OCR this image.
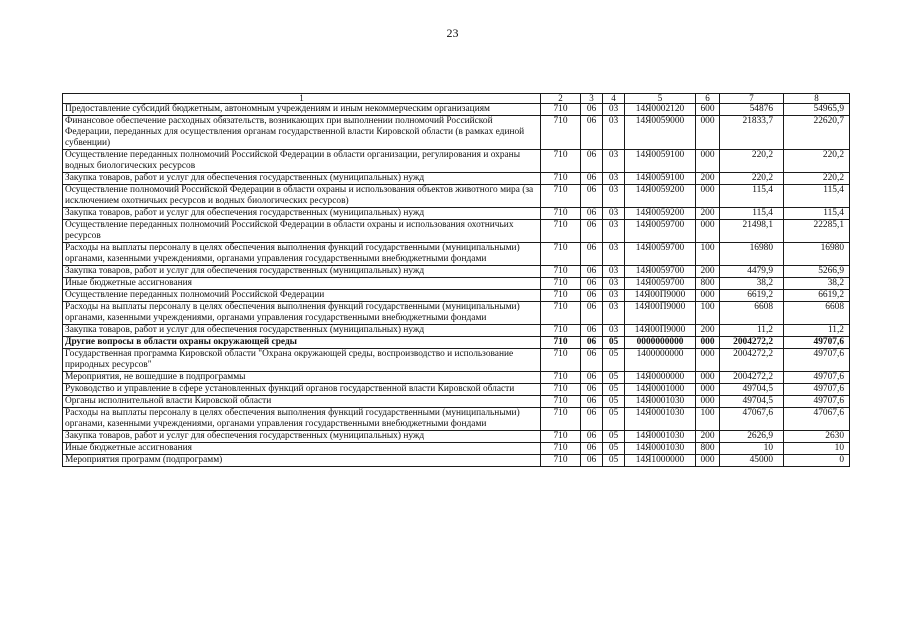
23
1	2	3	4	5	6	7	8
Предоставление субсидий бюджетным, автономным учреждениям и иным некоммерческим организациям	710	06	03	14Я0002120	600	54876	54965,9
Финансовое обеспечение расходных обязательств, возникающих при выполнении полномочий Российской Федерации, переданных для осуществления органам государственной власти Кировской области (в рамках единой субвенции)	710	06	03	14Я0059000	000	21833,7	22620,7
Осуществление переданных полномочий Российской Федерации в области организации, регулирования и охраны водных биологических ресурсов	710	06	03	14Я0059100	000	220,2	220,2
Закупка товаров, работ и услуг для обеспечения государственных (муниципальных) нужд	710	06	03	14Я0059100	200	220,2	220,2
Осуществление полномочий Российской Федерации в области охраны и использования объектов животного мира (за исключением охотничьих ресурсов и водных биологических ресурсов)	710	06	03	14Я0059200	000	115,4	115,4
Закупка товаров, работ и услуг для обеспечения государственных (муниципальных) нужд	710	06	03	14Я0059200	200	115,4	115,4
Осуществление переданных полномочий Российской Федерации в области охраны и использования охотничьих ресурсов	710	06	03	14Я0059700	000	21498,1	22285,1
Расходы на выплаты персоналу в целях обеспечения выполнения функций государственными (муниципальными) органами, казенными учреждениями, органами управления государственными внебюджетными фондами	710	06	03	14Я0059700	100	16980	16980
Закупка товаров, работ и услуг для обеспечения государственных (муниципальных) нужд	710	06	03	14Я0059700	200	4479,9	5266,9
Иные бюджетные ассигнования	710	06	03	14Я0059700	800	38,2	38,2
Осуществление переданных полномочий Российской Федерации	710	06	03	14Я00П9000	000	6619,2	6619,2
Расходы на выплаты персоналу в целях обеспечения выполнения функций государственными (муниципальными) органами, казенными учреждениями, органами управления государственными внебюджетными фондами	710	06	03	14Я00П9000	100	6608	6608
Закупка товаров, работ и услуг для обеспечения государственных (муниципальных) нужд	710	06	03	14Я00П9000	200	11,2	11,2
Другие вопросы в области охраны окружающей среды	710	06	05	0000000000	000	2004272,2	49707,6
Государственная программа Кировской области "Охрана окружающей среды, воспроизводство и использование природных ресурсов"	710	06	05	1400000000	000	2004272,2	49707,6
Мероприятия, не вошедшие в подпрограммы	710	06	05	14Я0000000	000	2004272,2	49707,6
Руководство и управление в сфере установленных функций органов государственной власти Кировской области	710	06	05	14Я0001000	000	49704,5	49707,6
Органы исполнительной власти Кировской области	710	06	05	14Я0001030	000	49704,5	49707,6
Расходы на выплаты персоналу в целях обеспечения выполнения функций государственными (муниципальными) органами, казенными учреждениями, органами управления государственными внебюджетными фондами	710	06	05	14Я0001030	100	47067,6	47067,6
Закупка товаров, работ и услуг для обеспечения государственных (муниципальных) нужд	710	06	05	14Я0001030	200	2626,9	2630
Иные бюджетные ассигнования	710	06	05	14Я0001030	800	10	10
Мероприятия программ (подпрограмм)	710	06	05	14Я1000000	000	45000	0
